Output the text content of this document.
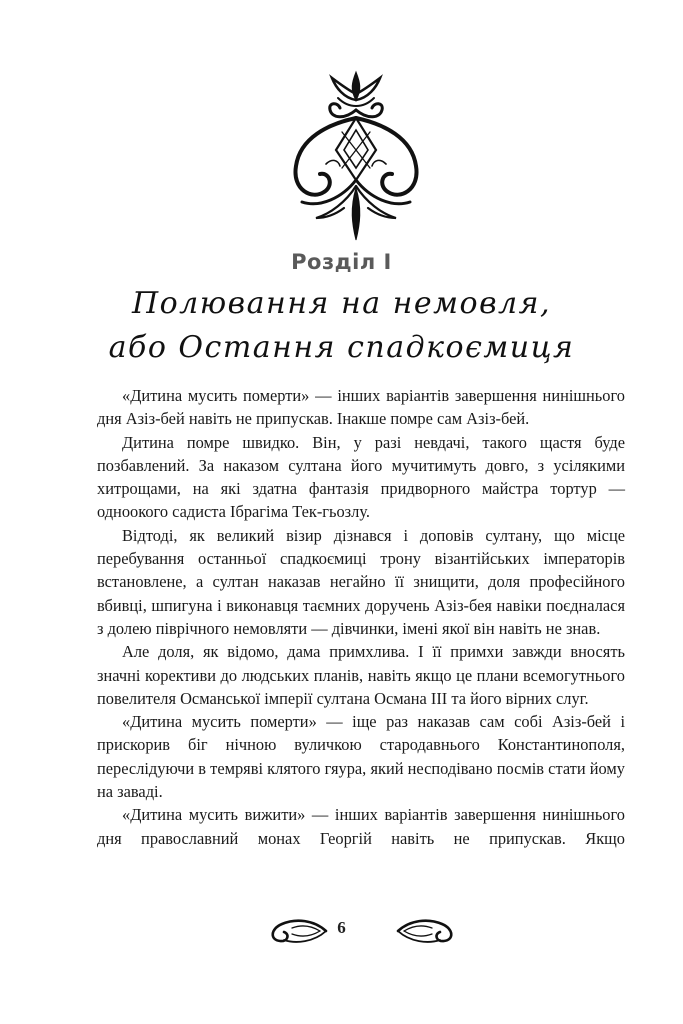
Розділ І
Полювання на немовля,
або Остання спадкоємиця

«Дитина мусить померти» — інших варіантів завершення нинішнього дня Азіз-бей навіть не припускав. Інакше помре сам Азіз-бей.

Дитина помре швидко. Він, у разі невдачі, такого щастя буде позбавлений. За наказом султана його мучитимуть довго, з усілякими хитрощами, на які здатна фантазія придворного майстра тортур — одноокого садиста Ібрагіма Тек-гьозлу.

Відтоді, як великий візир дізнався і доповів султану, що місце перебування останньої спадкоємиці трону візантійських імператорів встановлене, а султан наказав негайно її знищити, доля професійного вбивці, шпигуна і виконавця таємних доручень Азіз-бея навіки поєдналася з долею пiврiчного немовляти — дівчинки, імені якої він навіть не знав.

Але доля, як відомо, дама примхлива. І її примхи завжди вносять значні корективи до людських планів, навіть якщо це плани всемогутнього повелителя Османської імперії султана Османа ІІІ та його вірних слуг.

«Дитина мусить померти» — іще раз наказав сам собі Азіз-бей і прискорив біг нічною вуличкою стародавнього Константинополя, переслідуючи в темряві клятого гяура, який несподівано посмів стати йому на заваді.

«Дитина мусить вижити» — інших варіантів завершення нинішнього дня православний монах Георгій навіть не припускав. Якщо

6
